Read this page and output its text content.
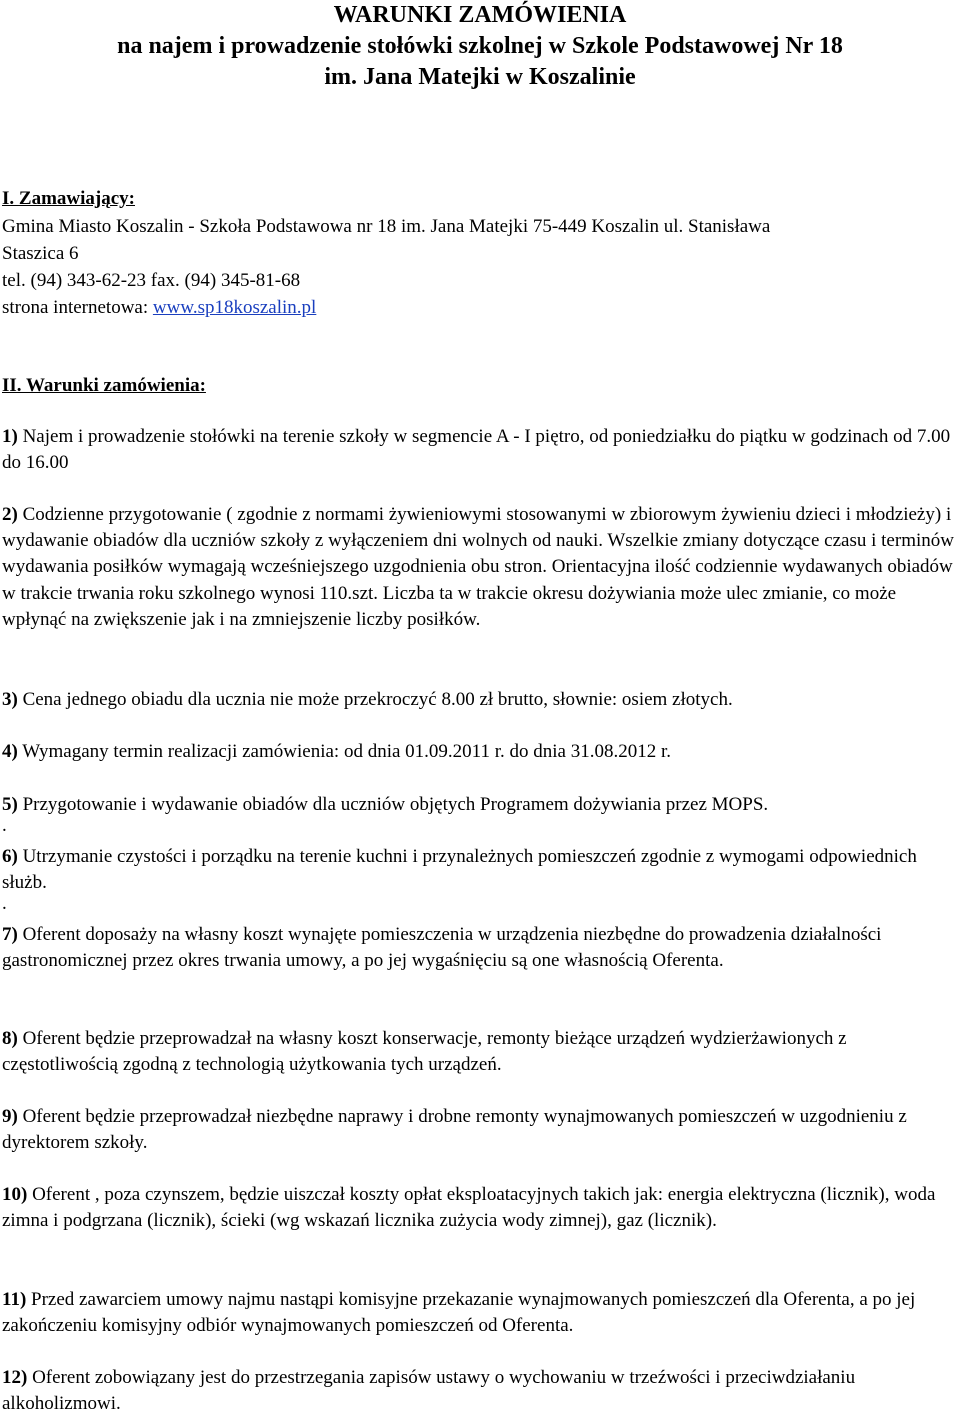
WARUNKI ZAMÓWIENIA
na najem i prowadzenie stołówki szkolnej w Szkole Podstawowej Nr 18
im. Jana Matejki w Koszalinie
I. Zamawiający:
Gmina Miasto Koszalin - Szkoła Podstawowa nr 18 im. Jana Matejki 75-449 Koszalin ul. Stanisława
Staszica 6
tel. (94) 343-62-23 fax. (94) 345-81-68
strona internetowa: www.sp18koszalin.pl
II. Warunki zamówienia:
1) Najem i prowadzenie stołówki na terenie szkoły w segmencie A - I piętro, od poniedziałku do piątku w godzinach od 7.00 do 16.00
2) Codzienne przygotowanie ( zgodnie z normami żywieniowymi stosowanymi w zbiorowym żywieniu dzieci i młodzieży) i wydawanie obiadów dla uczniów szkoły z wyłączeniem dni wolnych od nauki. Wszelkie zmiany dotyczące czasu i terminów wydawania posiłków wymagają wcześniejszego uzgodnienia obu stron. Orientacyjna ilość codziennie wydawanych obiadów w trakcie trwania roku szkolnego wynosi 110.szt. Liczba ta w trakcie okresu dożywiania może ulec zmianie, co może wpłynąć na zwiększenie jak i na zmniejszenie liczby posiłków.
3) Cena jednego obiadu dla ucznia nie może przekroczyć 8.00 zł brutto, słownie: osiem złotych.
4) Wymagany termin realizacji zamówienia: od dnia 01.09.2011 r. do dnia 31.08.2012 r.
5) Przygotowanie i wydawanie obiadów dla uczniów objętych Programem dożywiania przez MOPS.
.
6) Utrzymanie czystości i porządku na terenie kuchni i przynależnych pomieszczeń zgodnie z wymogami odpowiednich służb.
.
7) Oferent doposaży na własny koszt wynajęte pomieszczenia w urządzenia niezbędne do prowadzenia działalności gastronomicznej przez okres trwania umowy, a po jej wygaśnięciu są one własnością Oferenta.
8) Oferent będzie przeprowadzał na własny koszt konserwacje, remonty bieżące urządzeń wydzierżawionych z częstotliwością zgodną z technologią użytkowania tych urządzeń.
9) Oferent będzie przeprowadzał niezbędne naprawy i drobne remonty wynajmowanych pomieszczeń w uzgodnieniu z dyrektorem szkoły.
10) Oferent , poza czynszem, będzie uiszczał koszty opłat eksploatacyjnych takich jak: energia elektryczna (licznik), woda zimna i podgrzana (licznik), ścieki (wg wskazań licznika zużycia wody zimnej), gaz (licznik).
11) Przed zawarciem umowy najmu nastąpi komisyjne przekazanie wynajmowanych pomieszczeń dla Oferenta, a po jej zakończeniu komisyjny odbiór wynajmowanych pomieszczeń od Oferenta.
12) Oferent zobowiązany jest do przestrzegania zapisów ustawy o wychowaniu w trzeźwości i przeciwdziałaniu alkoholizmowi.
